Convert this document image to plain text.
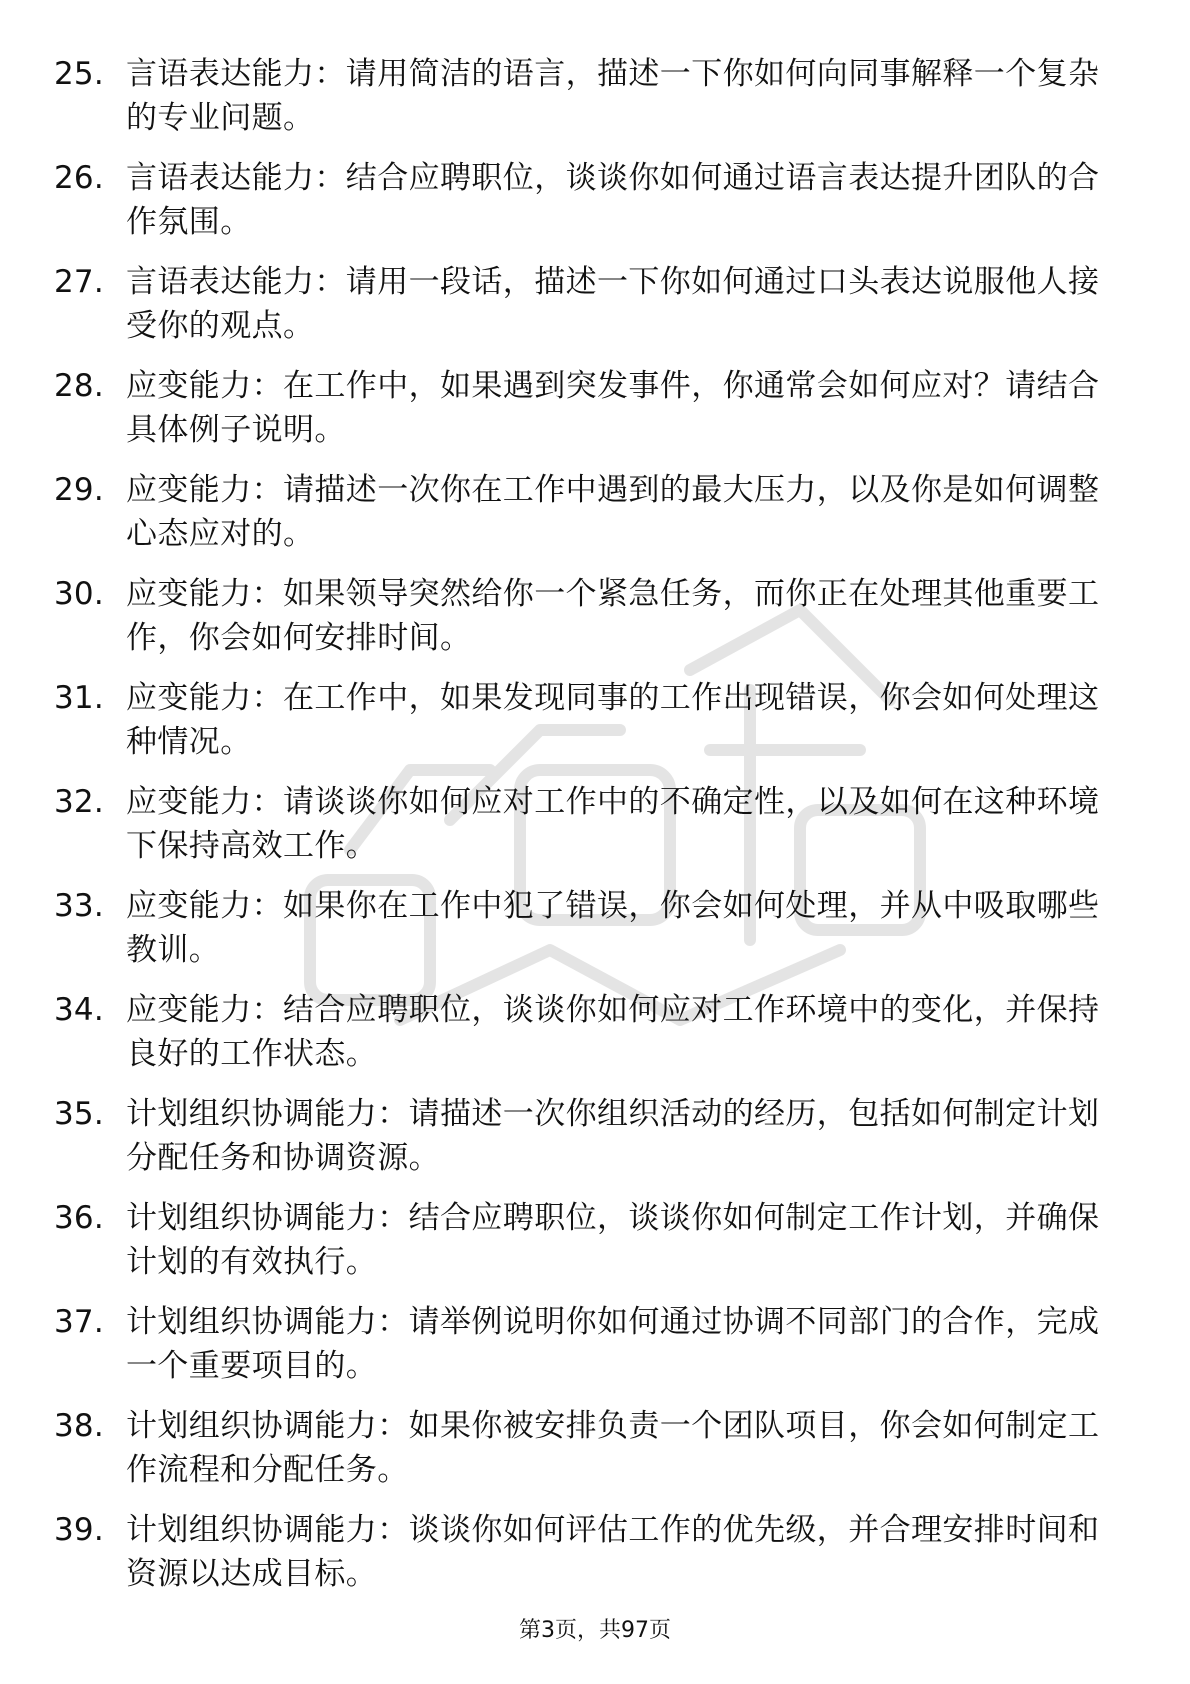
25. 言语表达能力：请用简洁的语言，描述一下你如何向同事解释一个复杂的专业问题。
26. 言语表达能力：结合应聘职位，谈谈你如何通过语言表达提升团队的合作氛围。
27. 言语表达能力：请用一段话，描述一下你如何通过口头表达说服他人接受你的观点。
28. 应变能力：在工作中，如果遇到突发事件，你通常会如何应对？请结合具体例子说明。
29. 应变能力：请描述一次你在工作中遇到的最大压力，以及你是如何调整心态应对的。
30. 应变能力：如果领导突然给你一个紧急任务，而你正在处理其他重要工作，你会如何安排时间。
31. 应变能力：在工作中，如果发现同事的工作出现错误，你会如何处理这种情况。
32. 应变能力：请谈谈你如何应对工作中的不确定性，以及如何在这种环境下保持高效工作。
33. 应变能力：如果你在工作中犯了错误，你会如何处理，并从中吸取哪些教训。
34. 应变能力：结合应聘职位，谈谈你如何应对工作环境中的变化，并保持良好的工作状态。
35. 计划组织协调能力：请描述一次你组织活动的经历，包括如何制定计划分配任务和协调资源。
36. 计划组织协调能力：结合应聘职位，谈谈你如何制定工作计划，并确保计划的有效执行。
37. 计划组织协调能力：请举例说明你如何通过协调不同部门的合作，完成一个重要项目的。
38. 计划组织协调能力：如果你被安排负责一个团队项目，你会如何制定工作流程和分配任务。
39. 计划组织协调能力：谈谈你如何评估工作的优先级，并合理安排时间和资源以达成目标。
第3页，共97页
